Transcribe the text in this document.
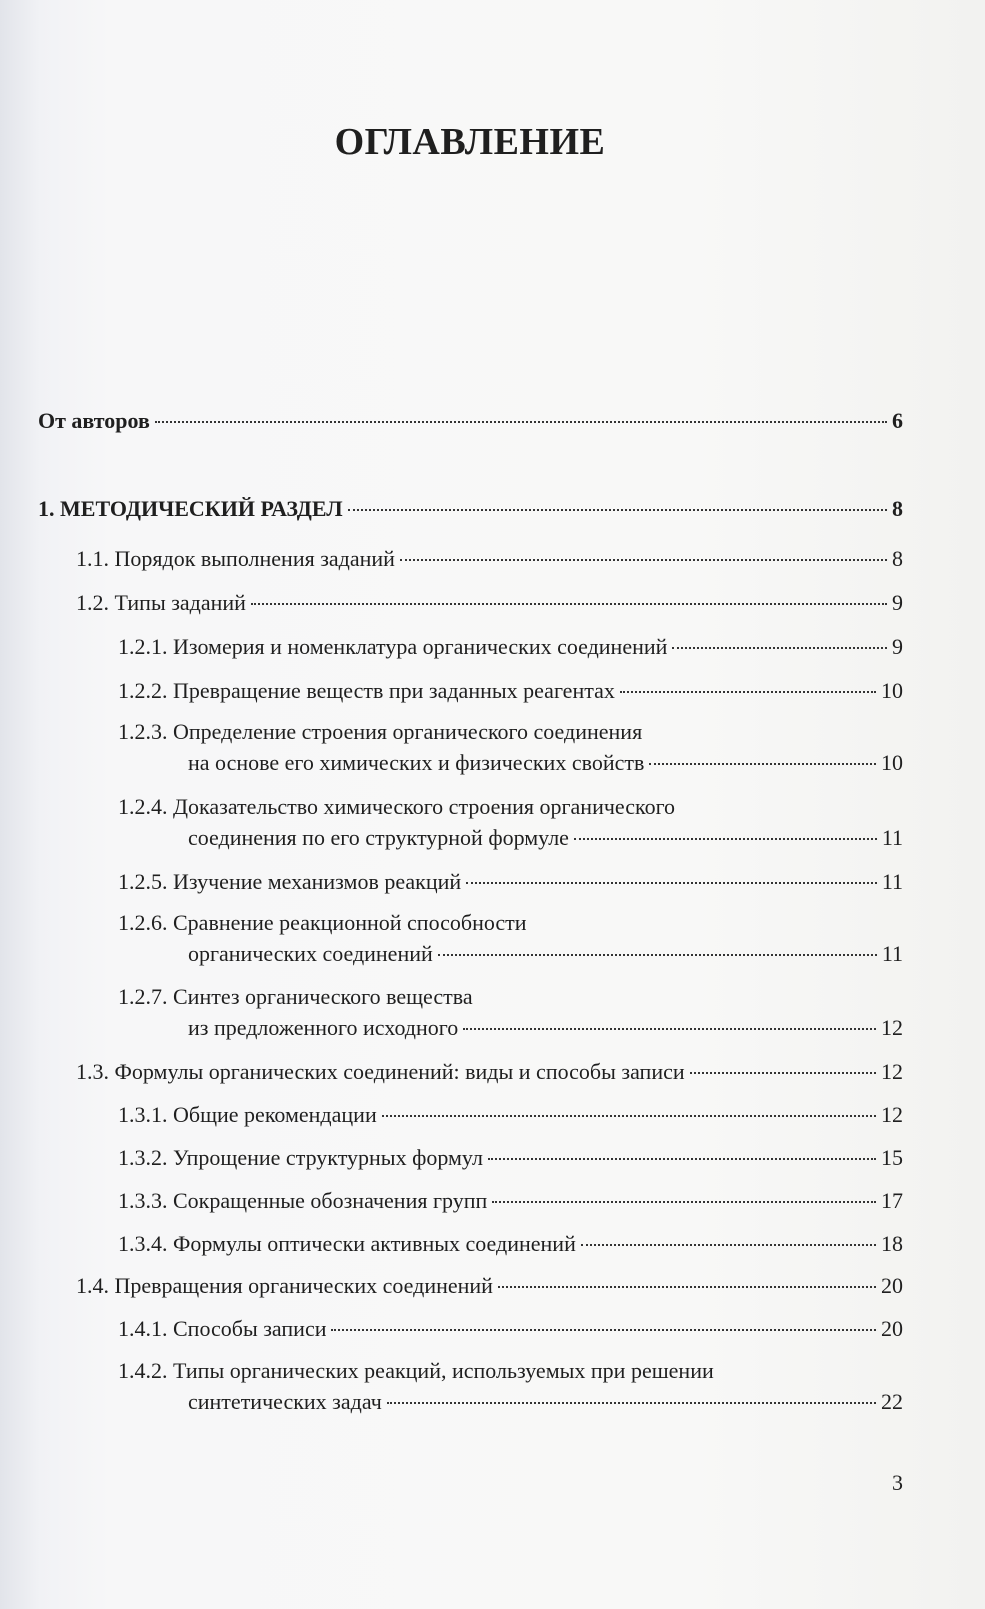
ОГЛАВЛЕНИЕ
От авторов	6
1. МЕТОДИЧЕСКИЙ РАЗДЕЛ	8
1.1. Порядок выполнения заданий	8
1.2. Типы заданий	9
1.2.1. Изомерия и номенклатура органических соединений	9
1.2.2. Превращение веществ при заданных реагентах	10
1.2.3. Определение строения органического соединения
на основе его химических и физических свойств	10
1.2.4. Доказательство химического строения органического
соединения по его структурной формуле	11
1.2.5. Изучение механизмов реакций	11
1.2.6. Сравнение реакционной способности
органических соединений	11
1.2.7. Синтез органического вещества
из предложенного исходного	12
1.3. Формулы органических соединений: виды и способы записи	12
1.3.1. Общие рекомендации	12
1.3.2. Упрощение структурных формул	15
1.3.3. Сокращенные обозначения групп	17
1.3.4. Формулы оптически активных соединений	18
1.4. Превращения органических соединений	20
1.4.1. Способы записи	20
1.4.2. Типы органических реакций, используемых при решении
синтетических задач	22
3
